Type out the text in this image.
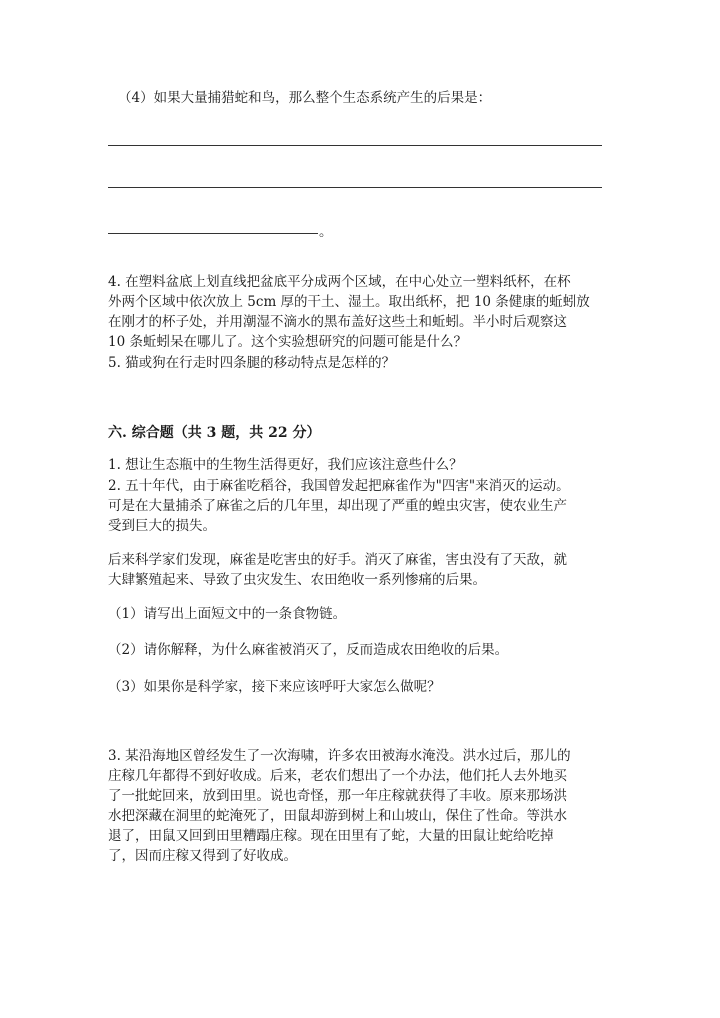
（4）如果大量捕猎蛇和鸟，那么整个生态系统产生的后果是：
。
4. 在塑料盆底上划直线把盆底平分成两个区域，在中心处立一塑料纸杯，在杯
外两个区域中依次放上 5cm 厚的干土、湿土。取出纸杯，把 10 条健康的蚯蚓放
在刚才的杯子处，并用潮湿不滴水的黑布盖好这些土和蚯蚓。半小时后观察这
10 条蚯蚓呆在哪儿了。这个实验想研究的问题可能是什么？
5. 猫或狗在行走时四条腿的移动特点是怎样的？
六. 综合题（共 3 题，共 22 分）
1. 想让生态瓶中的生物生活得更好，我们应该注意些什么？
2. 五十年代，由于麻雀吃稻谷，我国曾发起把麻雀作为"四害"来消灭的运动。
可是在大量捕杀了麻雀之后的几年里，却出现了严重的蝗虫灾害，使农业生产
受到巨大的损失。
后来科学家们发现，麻雀是吃害虫的好手。消灭了麻雀，害虫没有了天敌，就
大肆繁殖起来、导致了虫灾发生、农田绝收一系列惨痛的后果。
（1）请写出上面短文中的一条食物链。
（2）请你解释，为什么麻雀被消灭了，反而造成农田绝收的后果。
（3）如果你是科学家，接下来应该呼吁大家怎么做呢？
3. 某沿海地区曾经发生了一次海啸，许多农田被海水淹没。洪水过后，那儿的
庄稼几年都得不到好收成。后来，老农们想出了一个办法，他们托人去外地买
了一批蛇回来，放到田里。说也奇怪，那一年庄稼就获得了丰收。原来那场洪
水把深藏在洞里的蛇淹死了，田鼠却游到树上和山坡山，保住了性命。等洪水
退了，田鼠又回到田里糟蹋庄稼。现在田里有了蛇，大量的田鼠让蛇给吃掉
了，因而庄稼又得到了好收成。
